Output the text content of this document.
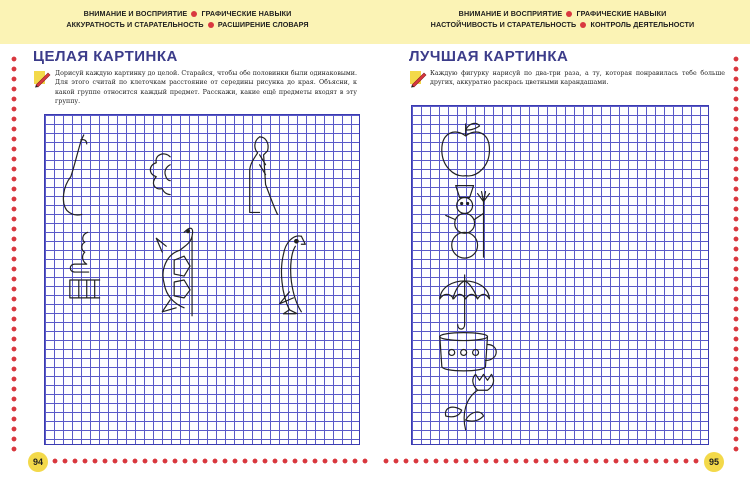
ВНИМАНИЕ И ВОСПРИЯТИЕ ГРАФИЧЕСКИЕ НАВЫКИ
АККУРАТНОСТЬ И СТАРАТЕЛЬНОСТЬ РАСШИРЕНИЕ СЛОВАРЯ
ЦЕЛАЯ КАРТИНКА
Дорисуй каждую картинку до целой. Старайся, чтобы обе половинки были одинаковыми. Для этого считай по клеточкам расстояние от середины рисунка до края. Объясни, к какой группе относится каждый предмет. Расскажи, какие ещё предметы входят в эту группу.
94
ВНИМАНИЕ И ВОСПРИЯТИЕ ГРАФИЧЕСКИЕ НАВЫКИ
НАСТОЙЧИВОСТЬ И СТАРАТЕЛЬНОСТЬ КОНТРОЛЬ ДЕЯТЕЛЬНОСТИ
ЛУЧШАЯ КАРТИНКА
Каждую фигурку нарисуй по два-три раза, а ту, которая понравилась тебе больше других, аккуратно раскрась цветными карандашами.
95
